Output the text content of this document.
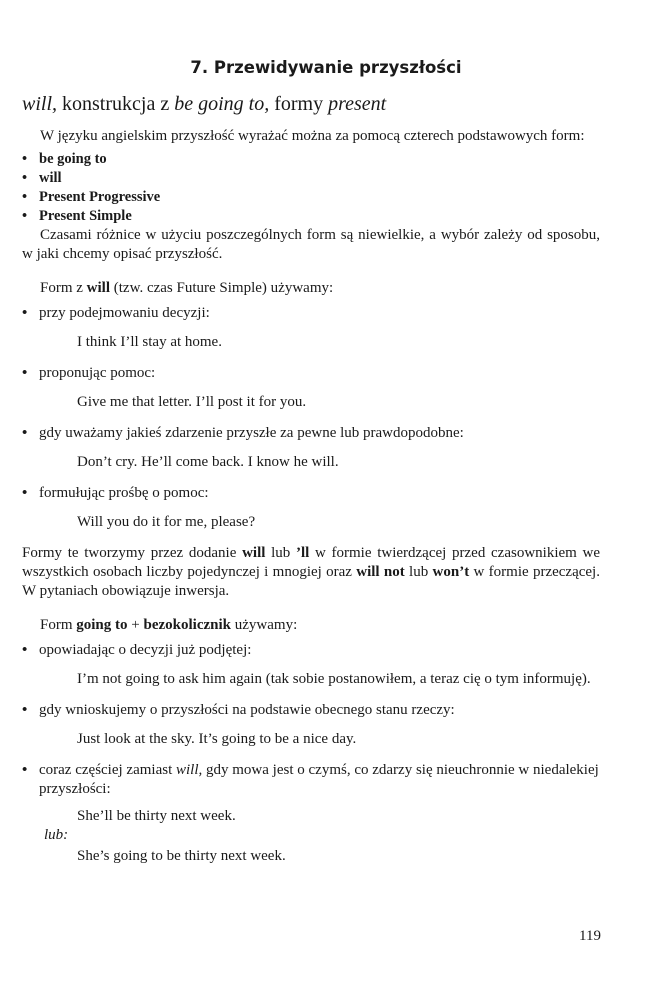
7. Przewidywanie przyszłości
will, konstrukcja z be going to, formy present

W języku angielskim przyszłość wyrażać można za pomocą czterech podstawowych form:

• be going to
• will
• Present Progressive
• Present Simple

Czasami różnice w użyciu poszczególnych form są niewielkie, a wybór zależy od sposobu, w jaki chcemy opisać przyszłość.

Form z will (tzw. czas Future Simple) używamy:

• przy podejmowaniu decyzji:
I think I’ll stay at home.
• proponując pomoc:
Give me that letter. I’ll post it for you.
• gdy uważamy jakieś zdarzenie przyszłe za pewne lub prawdopodobne:
Don’t cry. He’ll come back. I know he will.
• formułując prośbę o pomoc:
Will you do it for me, please?

Formy te tworzymy przez dodanie will lub ’ll w formie twierdzącej przed czasownikiem we wszystkich osobach liczby pojedynczej i mnogiej oraz will not lub won’t w formie przeczącej. W pytaniach obowiązuje inwersja.

Form going to + bezokolicznik używamy:

• opowiadając o decyzji już podjętej:
I’m not going to ask him again (tak sobie postanowiłem, a teraz cię o tym informuję).
• gdy wnioskujemy o przyszłości na podstawie obecnego stanu rzeczy:
Just look at the sky. It’s going to be a nice day.
• coraz częściej zamiast will, gdy mowa jest o czymś, co zdarzy się nieuchronnie w niedalekiej przyszłości:
She’ll be thirty next week.
lub:
She’s going to be thirty next week.
119
